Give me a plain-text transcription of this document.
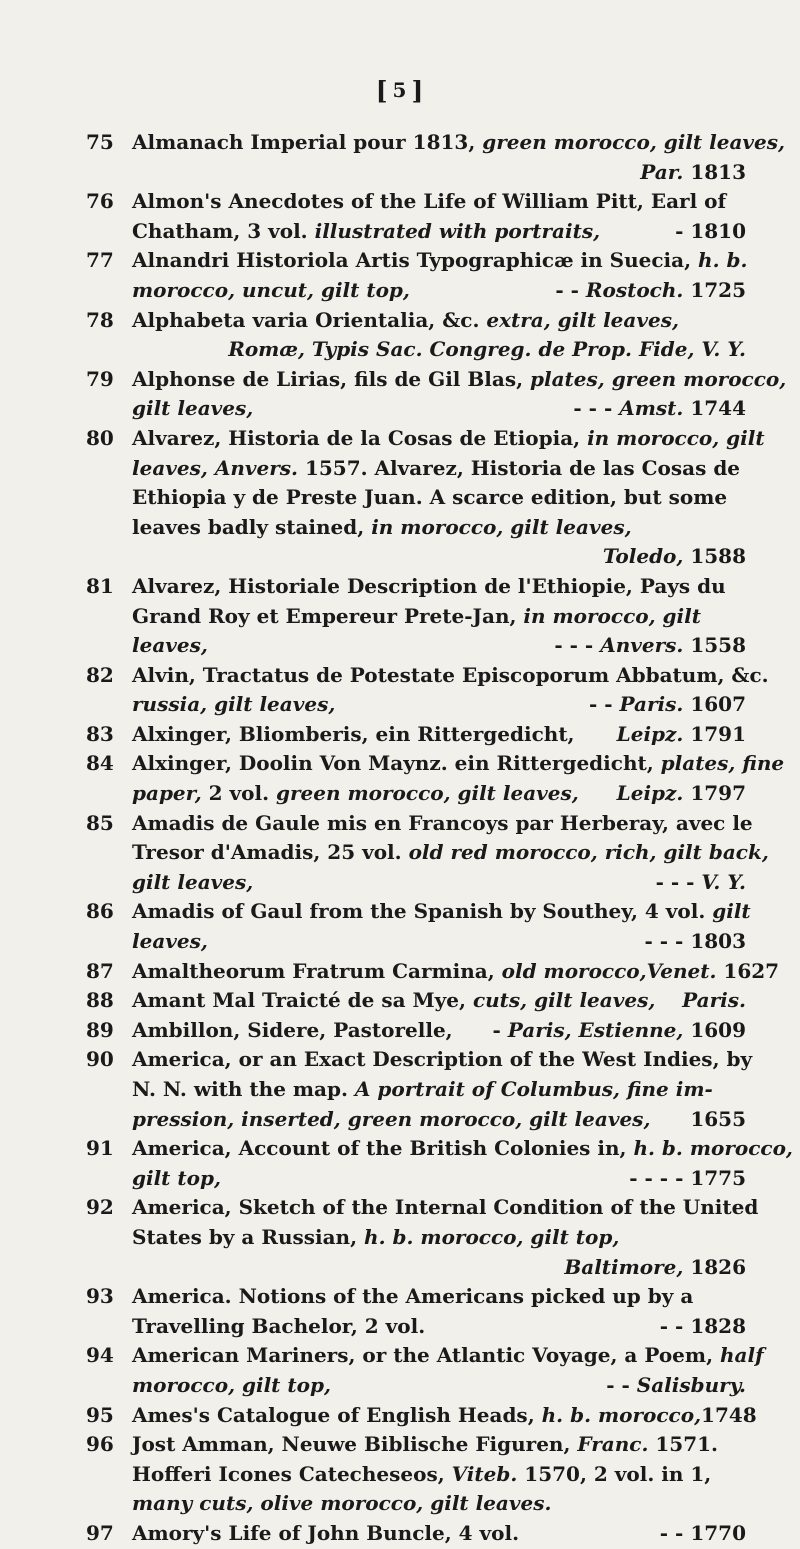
[ 5 ]
75 Almanach Imperial pour 1813, green morocco, gilt leaves,
Par. 1813
76 Almon's Anecdotes of the Life of William Pitt, Earl of
Chatham, 3 vol. illustrated with portraits,	- 1810
77 Alnandri Historiola Artis Typographicæ in Suecia, h. b.
morocco, uncut, gilt top,	- - Rostoch. 1725
78 Alphabeta varia Orientalia, &c. extra, gilt leaves,
Romæ, Typis Sac. Congreg. de Prop. Fide, V. Y.
79 Alphonse de Lirias, fils de Gil Blas, plates, green morocco,
gilt leaves,	- - - Amst. 1744
80 Alvarez, Historia de la Cosas de Etiopia, in morocco, gilt
leaves, Anvers. 1557. Alvarez, Historia de las Cosas de
Ethiopia y de Preste Juan. A scarce edition, but some
leaves badly stained, in morocco, gilt leaves,
Toledo, 1588
81 Alvarez, Historiale Description de l'Ethiopie, Pays du
Grand Roy et Empereur Prete-Jan, in morocco, gilt
leaves,	- - - Anvers. 1558
82 Alvin, Tractatus de Potestate Episcoporum Abbatum, &c.
russia, gilt leaves,	- - Paris. 1607
83 Alxinger, Bliomberis, ein Rittergedicht, Leipz. 1791
84 Alxinger, Doolin Von Maynz. ein Rittergedicht, plates, fine
paper, 2 vol. green morocco, gilt leaves, Leipz. 1797
85 Amadis de Gaule mis en Francoys par Herberay, avec le
Tresor d'Amadis, 25 vol. old red morocco, rich, gilt back,
gilt leaves,	- - - V. Y.
86 Amadis of Gaul from the Spanish by Southey, 4 vol. gilt
leaves,	- - - 1803
87 Amaltheorum Fratrum Carmina, old morocco, Venet. 1627
88 Amant Mal Traicté de sa Mye, cuts, gilt leaves, Paris.
89 Ambillon, Sidere, Pastorelle, - Paris, Estienne, 1609
90 America, or an Exact Description of the West Indies, by
N. N. with the map. A portrait of Columbus, fine im-
pression, inserted, green morocco, gilt leaves, 1655
91 America, Account of the British Colonies in, h. b. morocco,
gilt top,	- - - - 1775
92 America, Sketch of the Internal Condition of the United
States by a Russian, h. b. morocco, gilt top,
Baltimore, 1826
93 America. Notions of the Americans picked up by a
Travelling Bachelor, 2 vol.	- - 1828
94 American Mariners, or the Atlantic Voyage, a Poem, half
morocco, gilt top,	- - Salisbury.
95 Ames's Catalogue of English Heads, h. b. morocco, 1748
96 Jost Amman, Neuwe Biblische Figuren, Franc. 1571.
Hofferi Icones Catecheseos, Viteb. 1570, 2 vol. in 1,
many cuts, olive morocco, gilt leaves.
97 Amory's Life of John Buncle, 4 vol.	- - 1770
